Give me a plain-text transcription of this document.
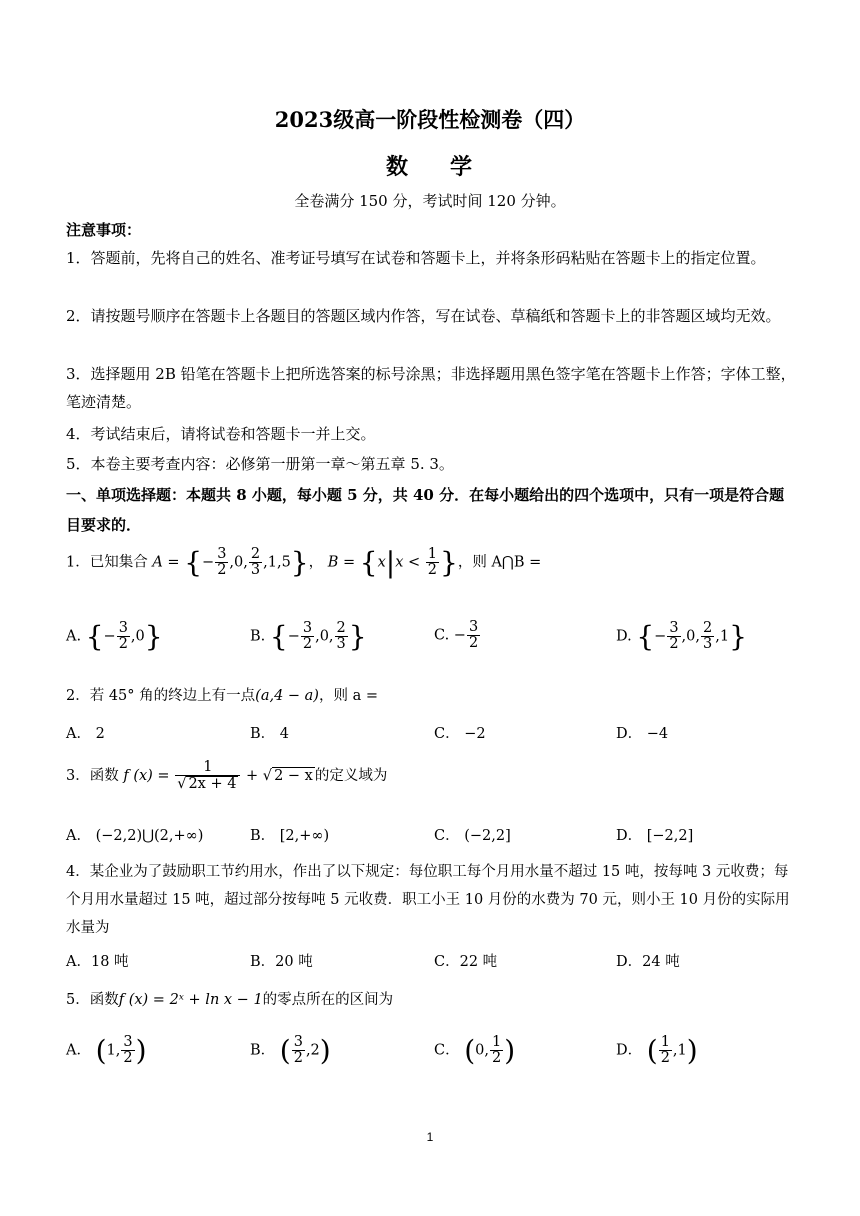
2023级高一阶段性检测卷（四）
数 学
全卷满分 150 分，考试时间 120 分钟。
注意事项：
1．答题前，先将自己的姓名、准考证号填写在试卷和答题卡上，并将条形码粘贴在答题卡上的指定位置。
2．请按题号顺序在答题卡上各题目的答题区域内作答，写在试卷、草稿纸和答题卡上的非答题区域均无效。
3．选择题用 2B 铅笔在答题卡上把所选答案的标号涂黑；非选择题用黑色签字笔在答题卡上作答；字体工整，笔迹清楚。
4．考试结束后，请将试卷和答题卡一并上交。
5．本卷主要考查内容：必修第一册第一章～第五章 5. 3。
一、单项选择题：本题共 8 小题，每小题 5 分，共 40 分．在每小题给出的四个选项中，只有一项是符合题目要求的．
1．已知集合 A = {− $\frac{3}{2} ,0$, $\frac{2}{3} ,1,5$}， $B = \{x|x < \frac{1}{2}$ }，则 A⋂B =
A. {− $\frac{3}{2} ,0$}	B. {− $\frac{3}{2} ,0$, $\frac{2}{3}$ }	C. − $\frac{3}{2}$	D. {− $\frac{3}{2} ,0$, $\frac{2}{3} ,1$}
2．若 45° 角的终边上有一点(a,4 − a)，则 a =
A． 2	B． 4	C． −2	D． −4
3．函数 f $(x) = \frac{1}{√ 2x + 4}$ + √ 2 − x 的定义域为
A． (−2,2)⋃(2,+∞)	B． [2,+∞)	C． (−2,2]	D． [−2,2]
4．某企业为了鼓励职工节约用水，作出了以下规定：每位职工每个月用水量不超过 15 吨，按每吨 3 元收费；每个月用水量超过 15 吨，超过部分按每吨 5 元收费．职工小王 10 月份的水费为 70 元，则小王 10 月份的实际用水量为
A．18 吨	B．20 吨	C．22 吨	D．24 吨
5．函数f (x) = 2ˣ + ln x − 1的零点所在的区间为
A． (1, $\frac{3}{2}$ )	B． ( $\frac{3}{2} ,2$)	C． (0, $\frac{1}{2}$ )	D． ( $\frac{1}{2} ,1$)
1
